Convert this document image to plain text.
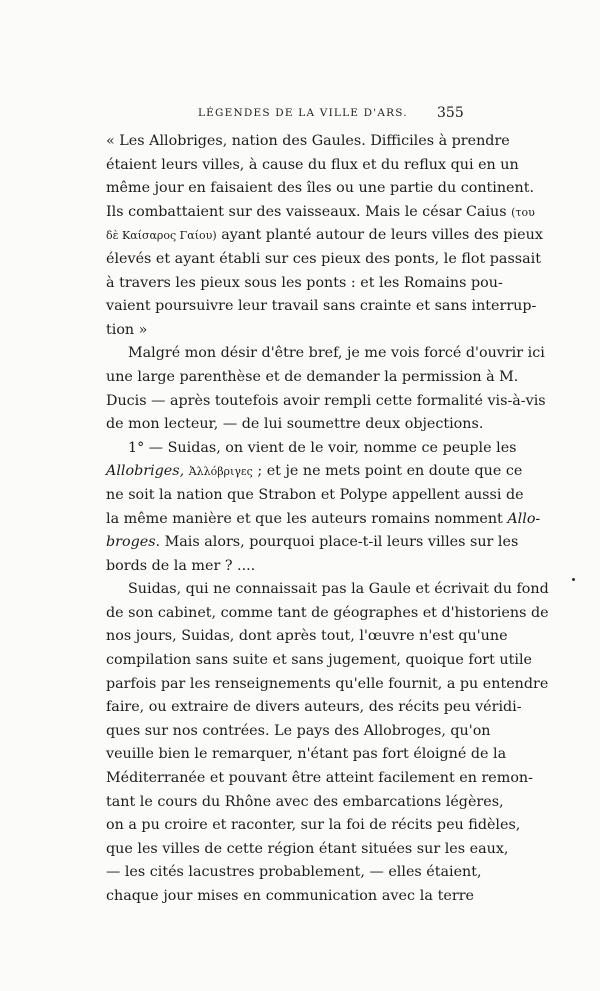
LÉGENDES DE LA VILLE D'ARS. 355
« Les Allobriges, nation des Gaules. Difficiles à prendre
étaient leurs villes, à cause du flux et du reflux qui en un
même jour en faisaient des îles ou une partie du continent.
Ils combattaient sur des vaisseaux. Mais le césar Caius (του
δὲ Καίσαρος Γαίου) ayant planté autour de leurs villes des pieux
élevés et ayant établi sur ces pieux des ponts, le flot passait
à travers les pieux sous les ponts : et les Romains pou-
vaient poursuivre leur travail sans crainte et sans interrup-
tion »
Malgré mon désir d'être bref, je me vois forcé d'ouvrir ici
une large parenthèse et de demander la permission à M.
Ducis — après toutefois avoir rempli cette formalité vis-à-vis
de mon lecteur, — de lui soumettre deux objections.
1° — Suidas, on vient de le voir, nomme ce peuple les
Allobriges, Ἀλλόβριγες ; et je ne mets point en doute que ce
ne soit la nation que Strabon et Polype appellent aussi de
la même manière et que les auteurs romains nomment Allo-
broges. Mais alors, pourquoi place-t-il leurs villes sur les
bords de la mer ? ....
Suidas, qui ne connaissait pas la Gaule et écrivait du fond
de son cabinet, comme tant de géographes et d'historiens de
nos jours, Suidas, dont après tout, l'œuvre n'est qu'une
compilation sans suite et sans jugement, quoique fort utile
parfois par les renseignements qu'elle fournit, a pu entendre
faire, ou extraire de divers auteurs, des récits peu véridi-
ques sur nos contrées. Le pays des Allobroges, qu'on
veuille bien le remarquer, n'étant pas fort éloigné de la
Méditerranée et pouvant être atteint facilement en remon-
tant le cours du Rhône avec des embarcations légères,
on a pu croire et raconter, sur la foi de récits peu fidèles,
que les villes de cette région étant situées sur les eaux,
— les cités lacustres probablement, — elles étaient,
chaque jour mises en communication avec la terre
